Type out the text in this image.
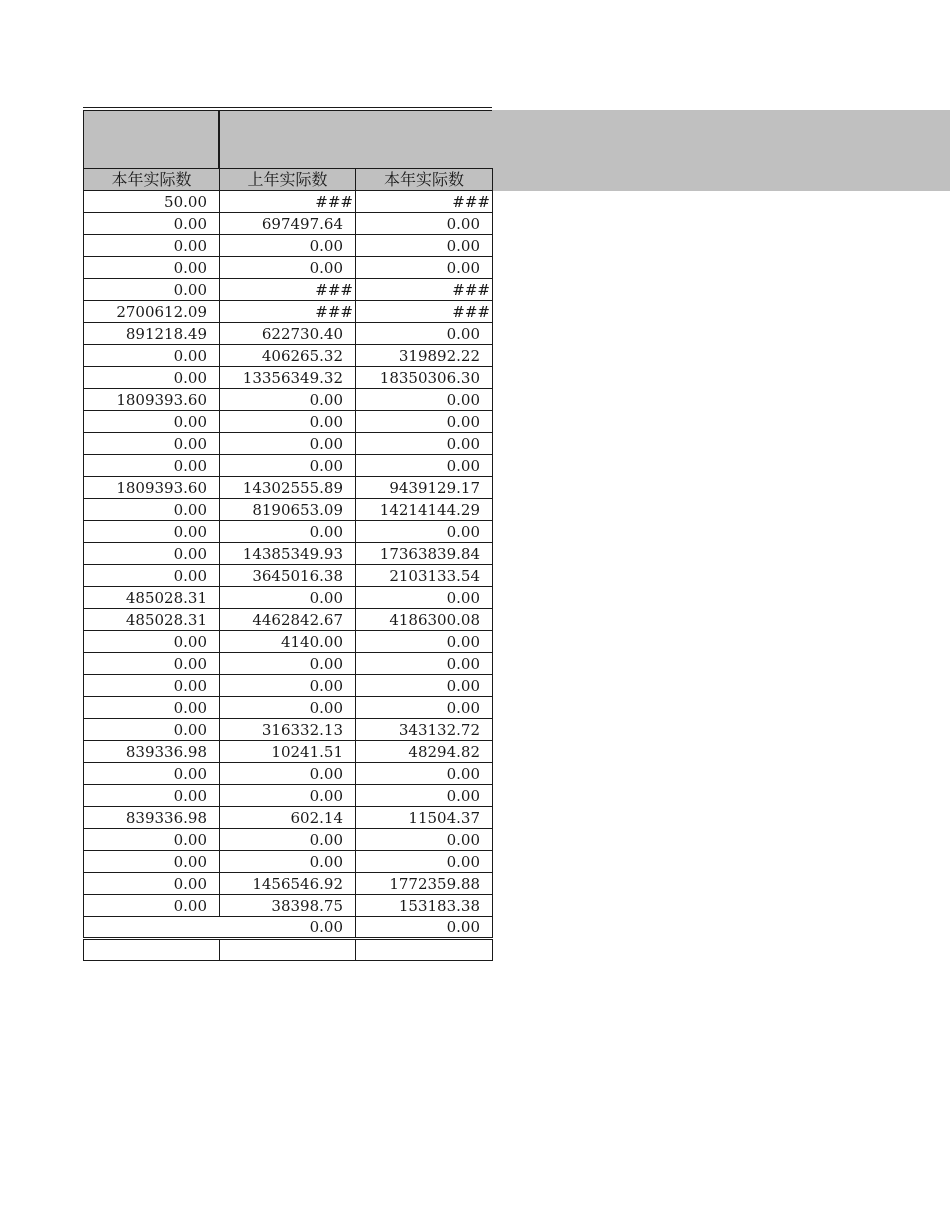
本年实际数	上年实际数	本年实际数
50.00	###	###
0.00	697497.64	0.00
0.00	0.00	0.00
0.00	0.00	0.00
0.00	###	###
2700612.09	###	###
891218.49	622730.40	0.00
0.00	406265.32	319892.22
0.00	13356349.32	18350306.30
1809393.60	0.00	0.00
0.00	0.00	0.00
0.00	0.00	0.00
0.00	0.00	0.00
1809393.60	14302555.89	9439129.17
0.00	8190653.09	14214144.29
0.00	0.00	0.00
0.00	14385349.93	17363839.84
0.00	3645016.38	2103133.54
485028.31	0.00	0.00
485028.31	4462842.67	4186300.08
0.00	4140.00	0.00
0.00	0.00	0.00
0.00	0.00	0.00
0.00	0.00	0.00
0.00	316332.13	343132.72
839336.98	10241.51	48294.82
0.00	0.00	0.00
0.00	0.00	0.00
839336.98	602.14	11504.37
0.00	0.00	0.00
0.00	0.00	0.00
0.00	1456546.92	1772359.88
0.00	38398.75	153183.38
0.00		0.00
